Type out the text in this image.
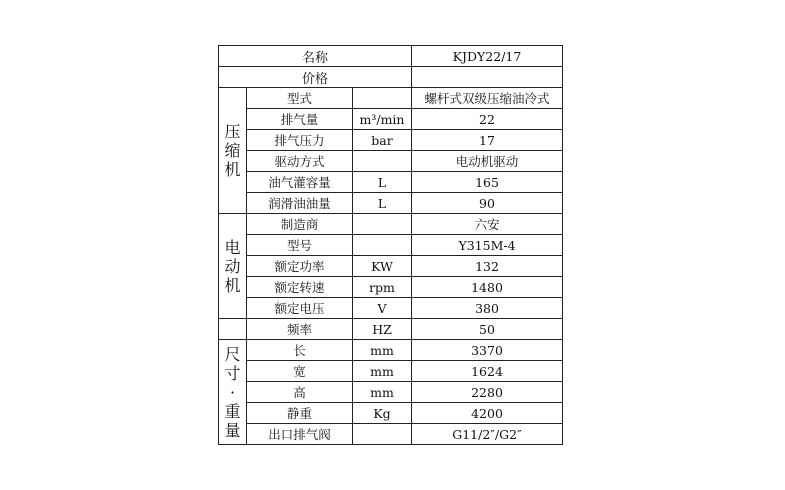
名称			KJDY22/17
价格			

压
缩
机	型式		螺杆式双级压缩油冷式
	排气量	m³/min	22
	排气压力	bar	17
	驱动方式		电动机驱动
	油气灌容量	L	165
	润滑油油量	L	90

电
动
机	制造商		六安
	型号		Y315M-4
	额定功率	KW	132
	额定转速	rpm	1480
	额定电压	V	380
	频率	HZ	50

尺
寸
·
重
量	长	mm	3370
	宽	mm	1624
	高	mm	2280
	静重	Kg	4200
	出口排气阀		G11/2″/G2″
